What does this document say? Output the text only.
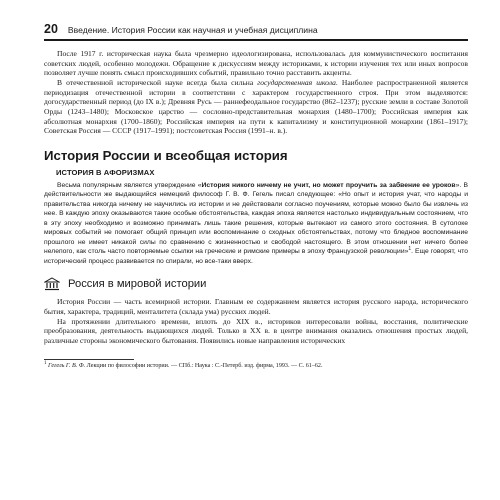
20 Введение. История России как научная и учебная дисциплина

После 1917 г. историческая наука была чрезмерно идеологизирована, использовалась для коммунистического воспитания советских людей, особенно молодежи. Обращение к дискуссиям между историками, к истории изучения тех или иных вопросов позволяет лучше понять смысл происходивших событий, правильно точно расставить акценты.

В отечественной исторической науке всегда была сильна государственная школа. Наиболее распространенной является периодизация отечественной истории в соответствии с характером государственного строя. При этом выделяются: догосударственный период (до IX в.); Древняя Русь — раннефеодальное государство (862–1237); русские земли в составе Золотой Орды (1243–1480); Московское царство — сословно-представительная монархия (1480–1700); Российская империя как абсолютная монархия (1700–1860); Российская империя на пути к капитализму и конституционной монархии (1861–1917); Советская Россия — СССР (1917–1991); постсоветская Россия (1991–н. в.).

История России и всеобщая история
ИСТОРИЯ В АФОРИЗМАХ

Весьма популярным является утверждение «История никого ничему не учит, но может проучить за забвение ее уроков». В действительности же выдающийся немецкий философ Г. В. Ф. Гегель писал следующее: «Но опыт и история учат, что народы и правительства никогда ничему не научились из истории и не действовали согласно поучениям, которые можно было бы извлечь из нее. В каждую эпоху оказываются такие особые обстоятельства, каждая эпоха является настолько индивидуальным состоянием, что в эту эпоху необходимо и возможно принимать лишь такие решения, которые вытекают из самого этого состояния. В сутолоке мировых событий не помогает общий принцип или воспоминание о сходных обстоятельствах, потому что бледное воспоминание прошлого не имеет никакой силы по сравнению с жизненностью и свободой настоящего. В этом отношении нет ничего более нелепого, как столь часто повторяемые ссылки на греческие и римские примеры в эпоху Французской революции»$^1$. Еще говорят, что исторический процесс развивается по спирали, но все-таки вверх.

Россия в мировой истории

История России — часть всемирной истории. Главным ее содержанием является история русского народа, исторического бытия, характера, традиций, менталитета (склада ума) русских людей.

На протяжении длительного времени, вплоть до XIX в., историков интересовали войны, восстания, политические преобразования, деятельность выдающихся людей. Только в XX в. в центре внимания оказались отношения простых людей, различные стороны экономического бытования. Появились новые направления исторических

$^1$ Гегель Г. В. Ф. Лекции по философии истории. — СПб.: Наука : С.-Петерб. изд. фирма, 1993. — С. 61–62.
